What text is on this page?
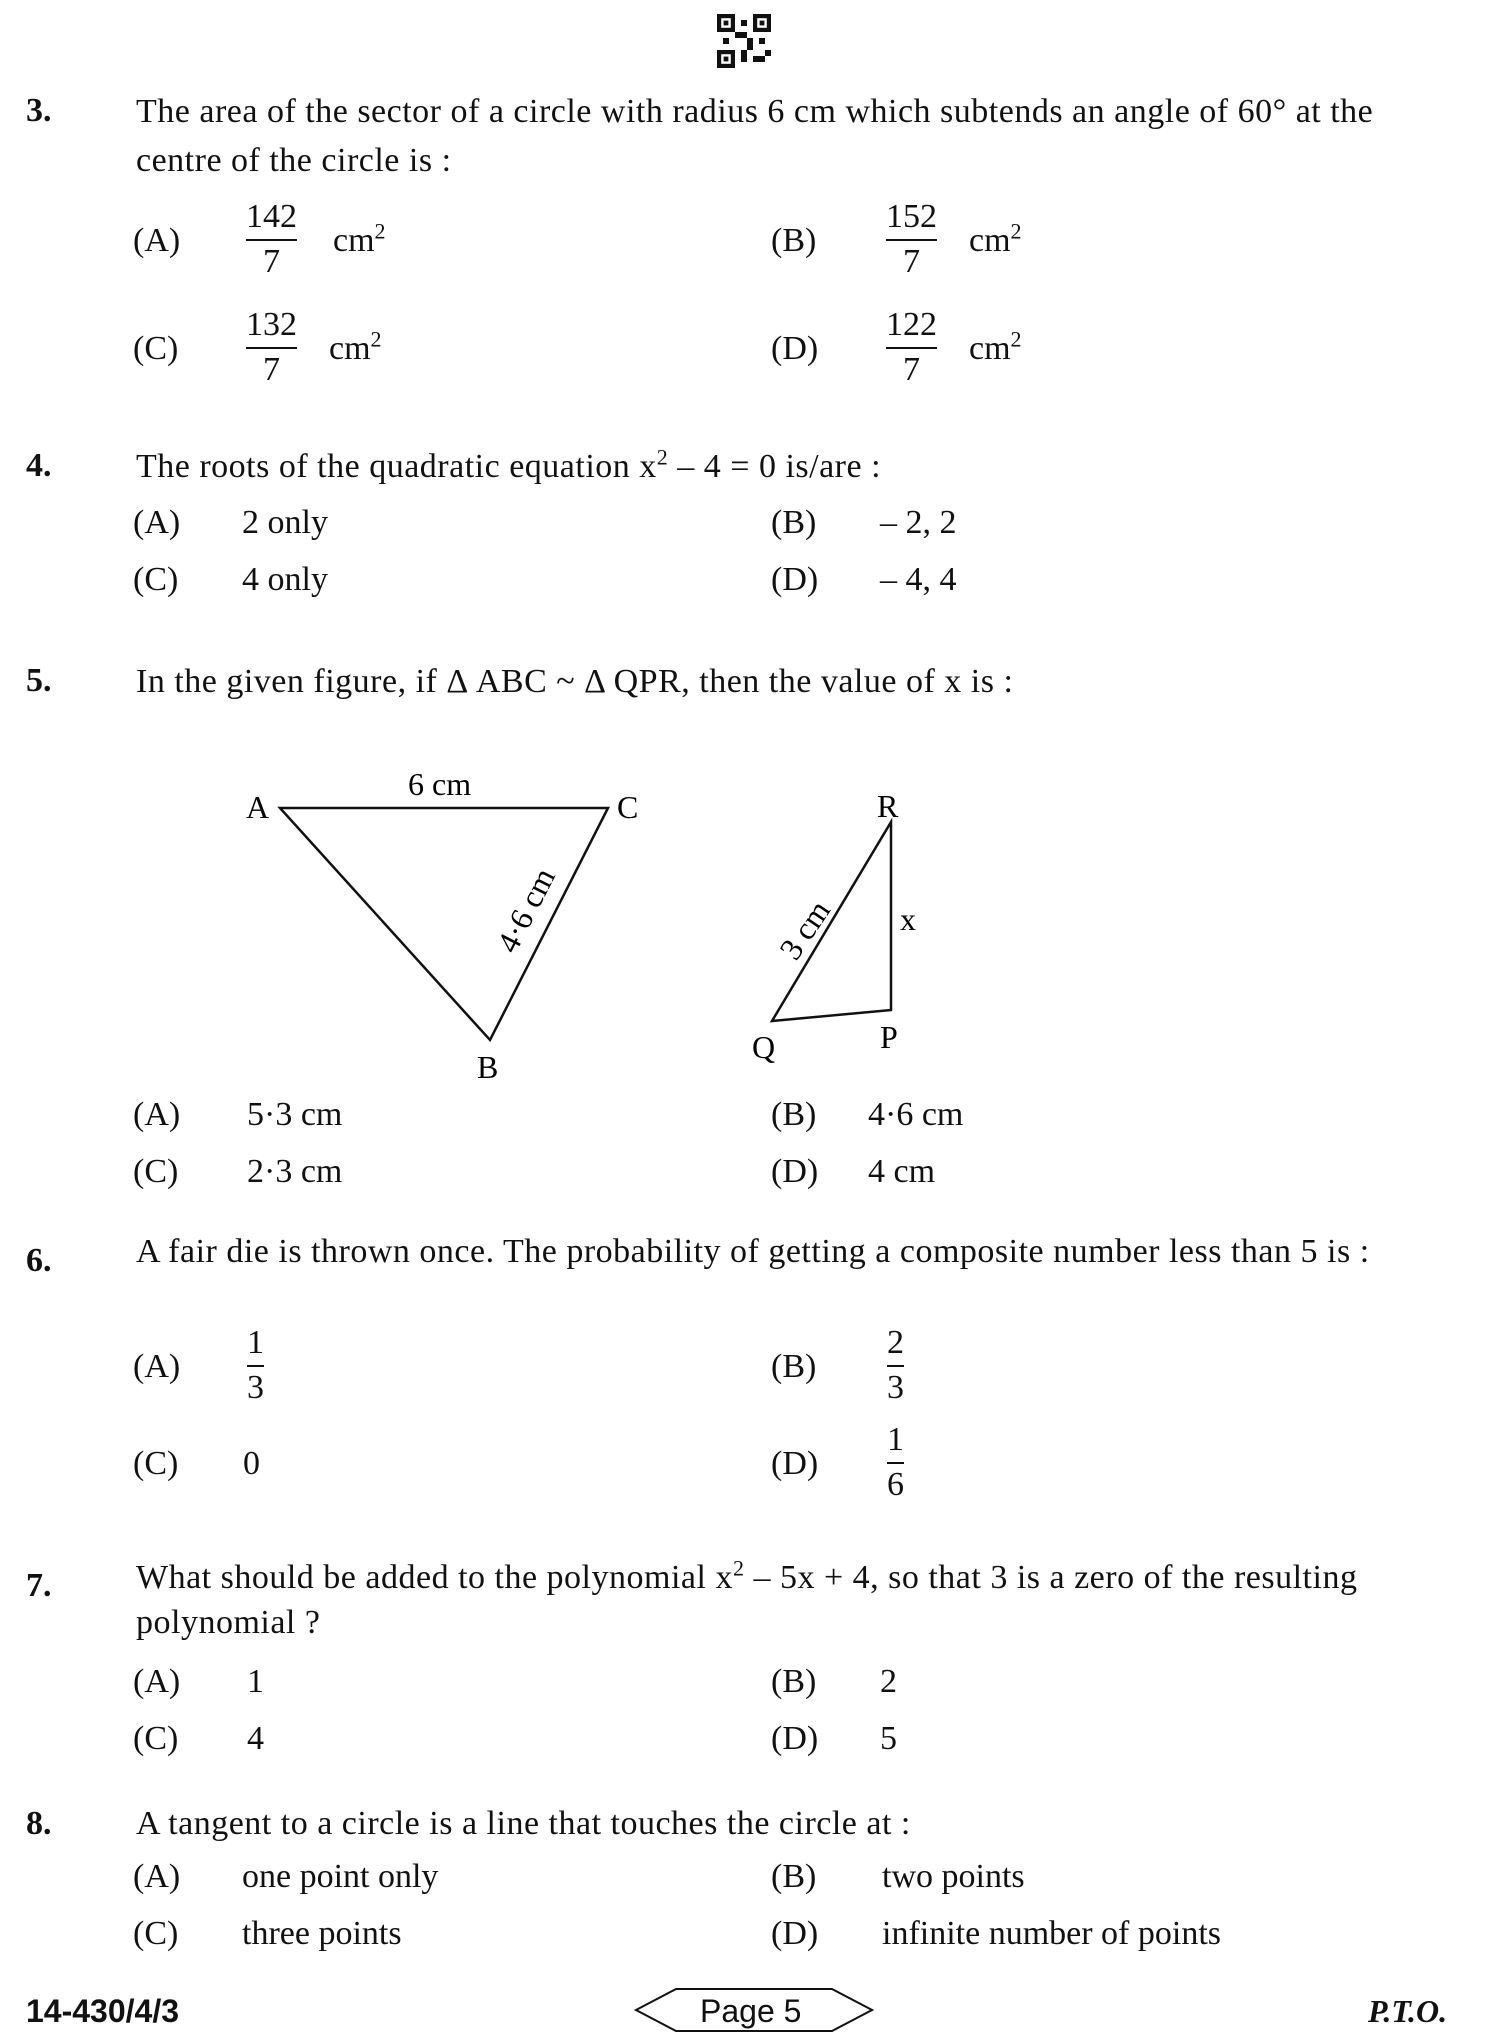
3. The area of the sector of a circle with radius 6 cm which subtends an angle of 60° at the centre of the circle is :
(A)
142
7
$cm^2$	(B)
152
7
$cm^2$
(C)
132
7
$cm^2$	(D)
122
7
$cm^2$
4. The roots of the quadratic equation $x^2 - 4 = 0$ is/are :
(A) 2 only	(B) – 2, 2
(C) 4 only	(D) – 4, 4
5. In the given figure, if Δ ABC ~ Δ QPR, then the value of x is :
A	C
B
6 cm
4·6 cm
R
Q	P
x
3 cm
(A) 5·3 cm	(B) 4·6 cm
(C) 2·3 cm	(D) 4 cm
6. A fair die is thrown once. The probability of getting a composite number less than 5 is :
(A)
1
3
(B)
2
3
(C) 0	(D)
1
6
7. What should be added to the polynomial $x^2 - 5x + 4$, so that 3 is a zero of the resulting polynomial ?
(A) 1	(B) 2
(C) 4	(D) 5
8. A tangent to a circle is a line that touches the circle at :
(A) one point only	(B) two points
(C) three points	(D) infinite number of points
14-430/4/3	Page 5	P.T.O.
